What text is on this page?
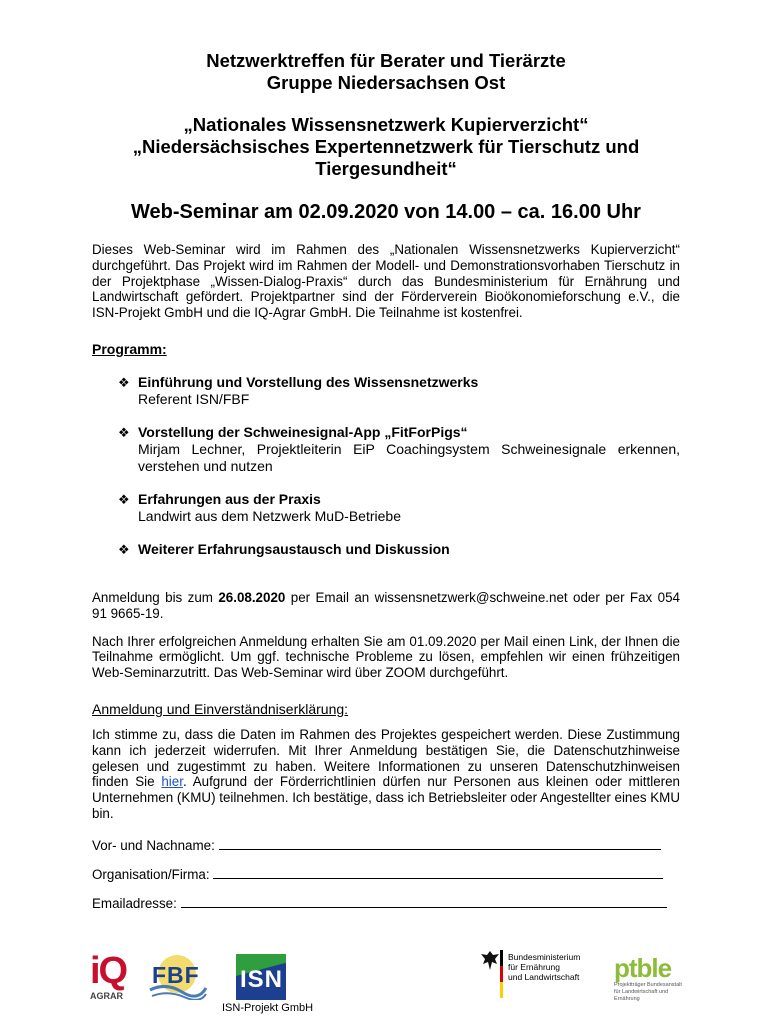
Netzwerktreffen für Berater und Tierärzte
Gruppe Niedersachsen Ost
„Nationales Wissensnetzwerk Kupierverzicht“
„Niedersächsisches Expertennetzwerk für Tierschutz und
Tiergesundheit“
Web-Seminar am 02.09.2020 von 14.00 – ca. 16.00 Uhr
Dieses Web-Seminar wird im Rahmen des „Nationalen Wissensnetzwerks Kupierverzicht“ durchgeführt. Das Projekt wird im Rahmen der Modell- und Demonstrationsvorhaben Tierschutz in der Projektphase „Wissen-Dialog-Praxis“ durch das Bundesministerium für Ernährung und Landwirtschaft gefördert. Projektpartner sind der Förderverein Bioökonomieforschung e.V., die ISN-Projekt GmbH und die IQ-Agrar GmbH. Die Teilnahme ist kostenfrei.
Programm:
❖ Einführung und Vorstellung des Wissensnetzwerks
Referent ISN/FBF
❖ Vorstellung der Schweinesignal-App „FitForPigs“
Mirjam Lechner, Projektleiterin EiP Coachingsystem Schweinesignale erkennen, verstehen und nutzen
❖ Erfahrungen aus der Praxis
Landwirt aus dem Netzwerk MuD-Betriebe
❖ Weiterer Erfahrungsaustausch und Diskussion
Anmeldung bis zum 26.08.2020 per Email an wissensnetzwerk@schweine.net oder per Fax 054 91 9665-19.
Nach Ihrer erfolgreichen Anmeldung erhalten Sie am 01.09.2020 per Mail einen Link, der Ihnen die Teilnahme ermöglicht. Um ggf. technische Probleme zu lösen, empfehlen wir einen frühzeitigen Web-Seminarzutritt. Das Web-Seminar wird über ZOOM durchgeführt.
Anmeldung und Einverständniserklärung:
Ich stimme zu, dass die Daten im Rahmen des Projektes gespeichert werden. Diese Zustimmung kann ich jederzeit widerrufen. Mit Ihrer Anmeldung bestätigen Sie, die Datenschutzhinweise gelesen und zugestimmt zu haben. Weitere Informationen zu unseren Datenschutzhinweisen finden Sie hier. Aufgrund der Förderrichtlinien dürfen nur Personen aus kleinen oder mittleren Unternehmen (KMU) teilnehmen. Ich bestätige, dass ich Betriebsleiter oder Angestellter eines KMU bin.
Vor- und Nachname:
Organisation/Firma:
Emailadresse:
iQ
AGRAR
FBF ISN
ISN-Projekt GmbH
Bundesministerium
für Ernährung
und Landwirtschaft ptble
Projektträger Bundesanstalt
für Landwirtschaft und Ernährung
